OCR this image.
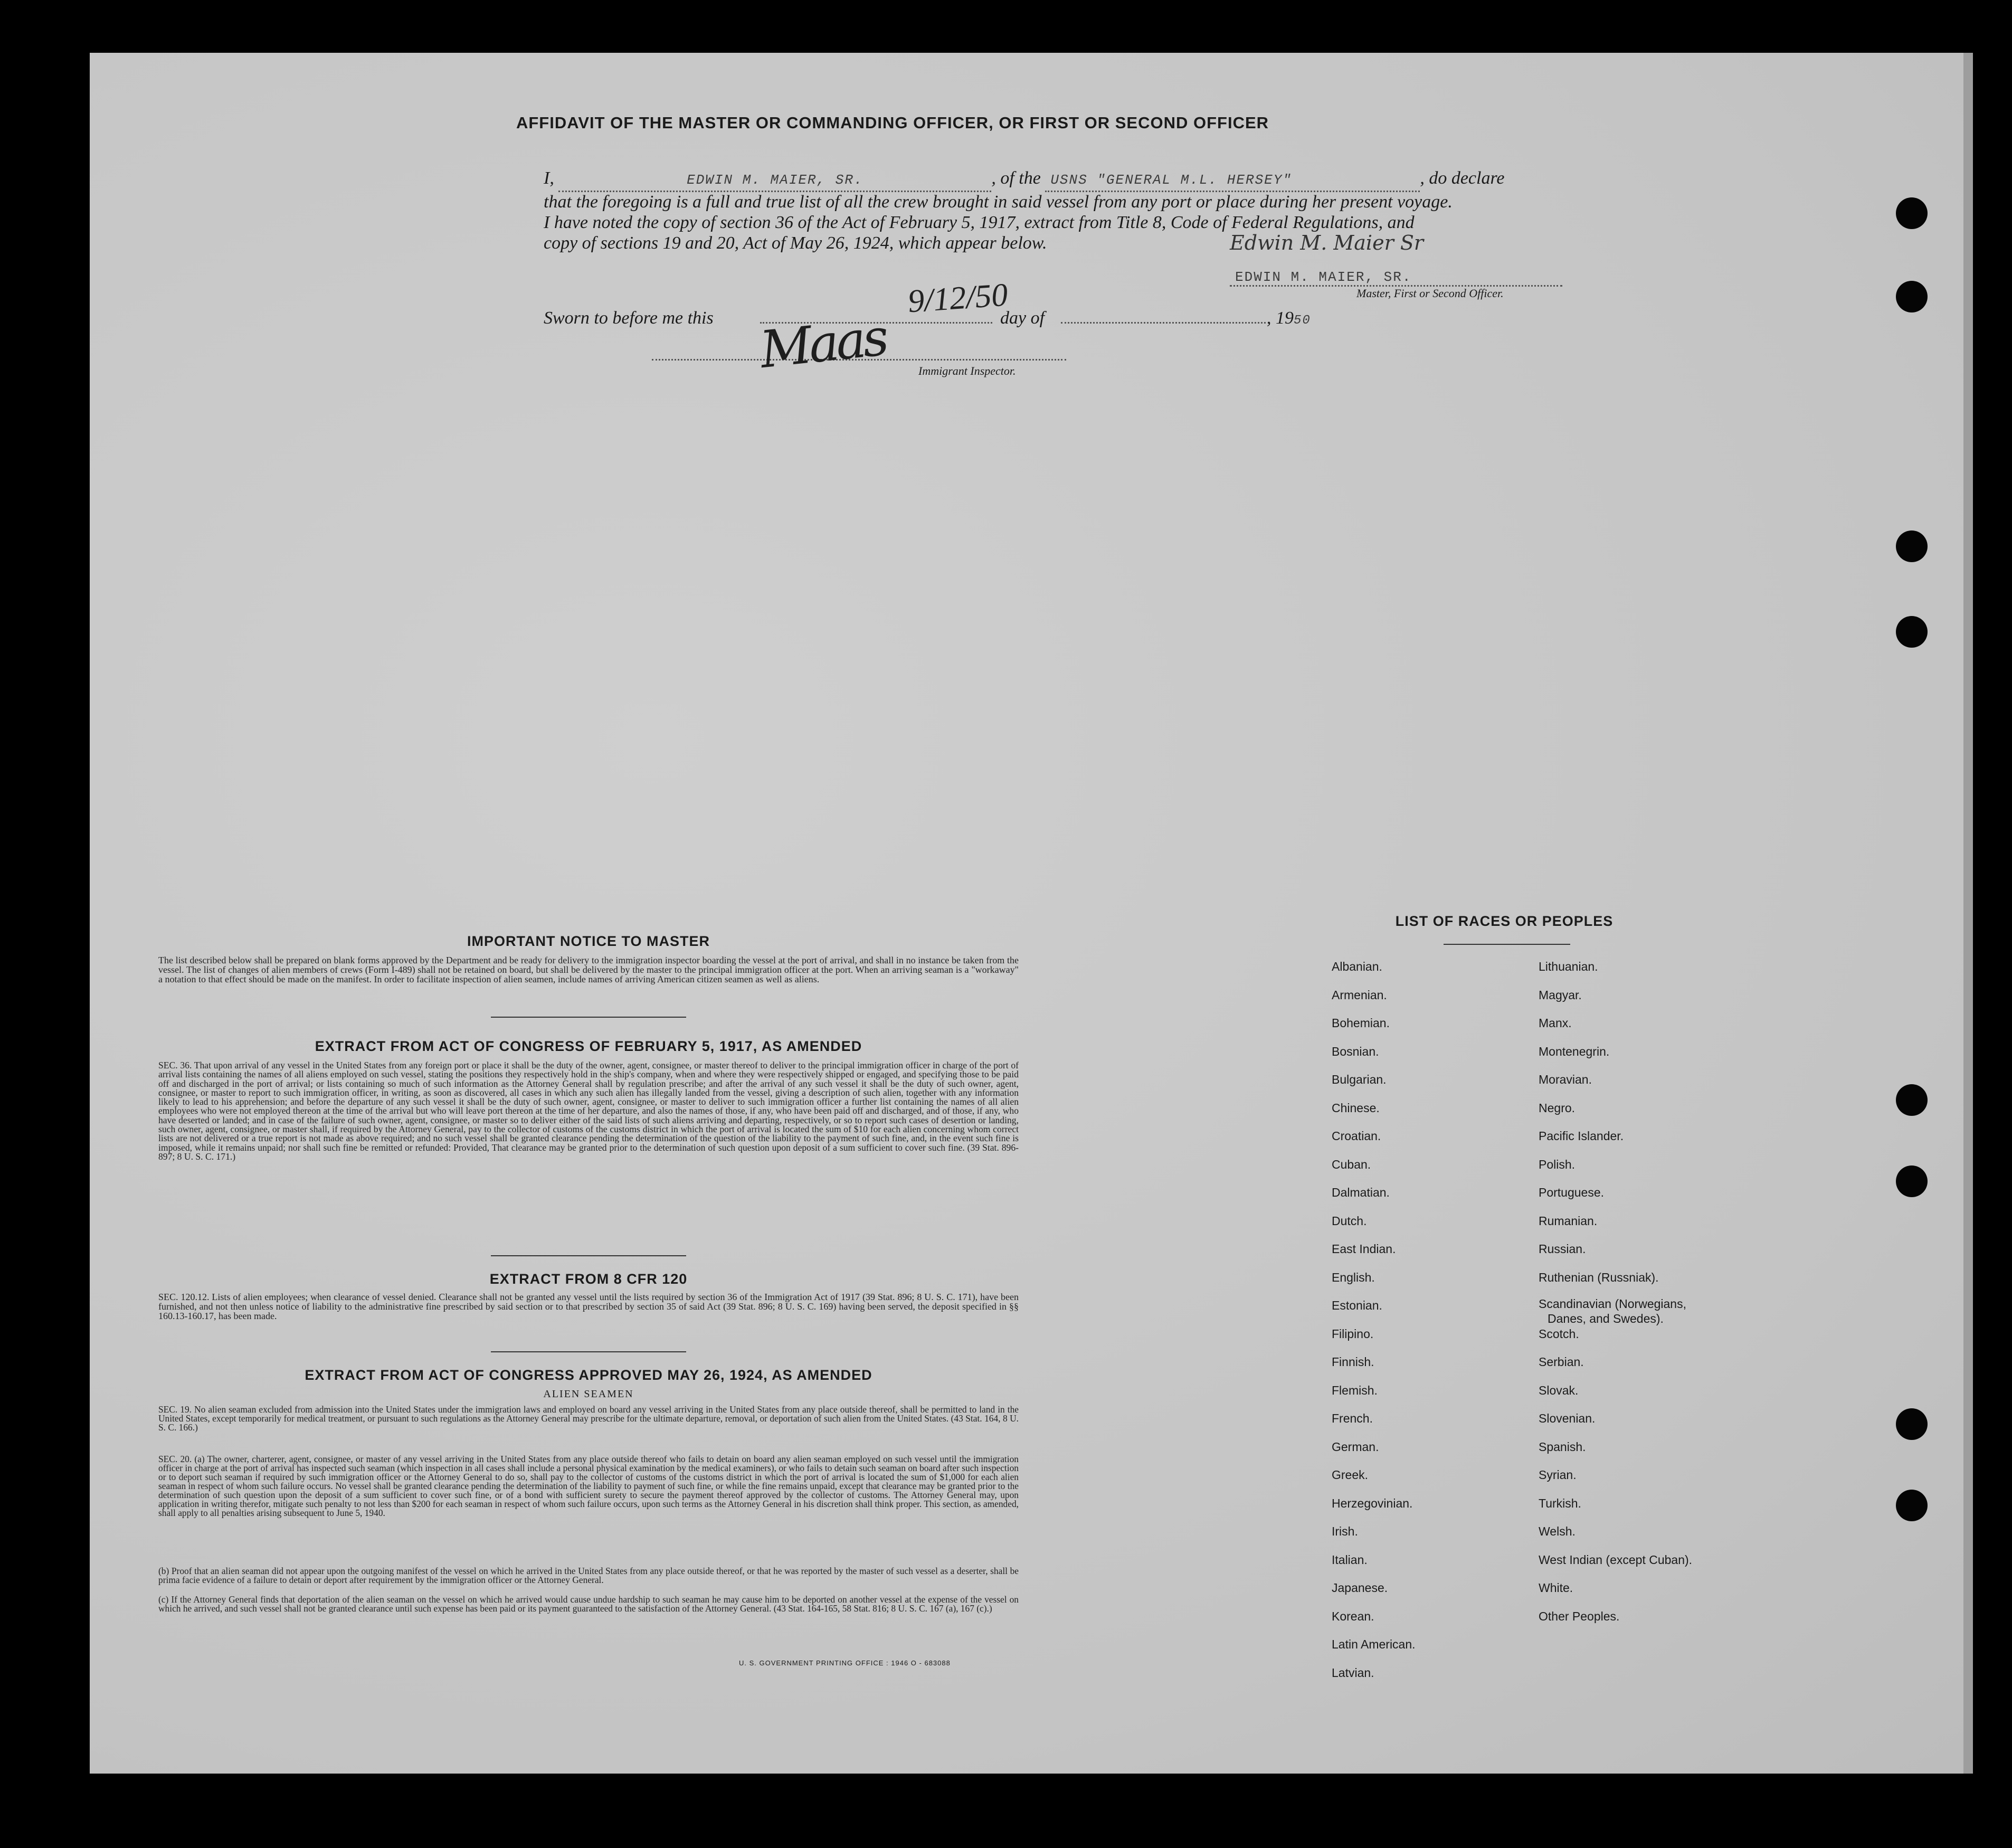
AFFIDAVIT OF THE MASTER OR COMMANDING OFFICER, OR FIRST OR SECOND OFFICER
I,	EDWIN M. MAIER, SR.	, of the USNS "GENERAL M.L. HERSEY"	, do declare
that the foregoing is a full and true list of all the crew brought in said vessel from any port or place during her present voyage.
I have noted the copy of section 36 of the Act of February 5, 1917, extract from Title 8, Code of Federal Regulations, and
copy of sections 19 and 20, Act of May 26, 1924, which appear below.	Edwin M. Maier Sr
EDWIN M. MAIER, SR.
Master, First or Second Officer.
Sworn to before me this	9/12/50
day of	, 1950
Maas	Immigrant Inspector.
IMPORTANT NOTICE TO MASTER
The list described below shall be prepared on blank forms approved by the Department and be ready for delivery to the immigration inspector boarding the vessel at the port of arrival, and shall in no instance be taken from the vessel. The list of changes of alien members of crews (Form I-489) shall not be retained on board, but shall be delivered by the master to the principal immigration officer at the port. When an arriving seaman is a "workaway" a notation to that effect should be made on the manifest. In order to facilitate inspection of alien seamen, include names of arriving American citizen seamen as well as aliens.
EXTRACT FROM ACT OF CONGRESS OF FEBRUARY 5, 1917, AS AMENDED
SEC. 36. That upon arrival of any vessel in the United States from any foreign port or place it shall be the duty of the owner, agent, consignee, or master thereof to deliver to the principal immigration officer in charge of the port of arrival lists containing the names of all aliens employed on such vessel, stating the positions they respectively hold in the ship's company, when and where they were respectively shipped or engaged, and specifying those to be paid off and discharged in the port of arrival; or lists containing so much of such information as the Attorney General shall by regulation prescribe; and after the arrival of any such vessel it shall be the duty of such owner, agent, consignee, or master to report to such immigration officer, in writing, as soon as discovered, all cases in which any such alien has illegally landed from the vessel, giving a description of such alien, together with any information likely to lead to his apprehension; and before the departure of any such vessel it shall be the duty of such owner, agent, consignee, or master to deliver to such immigration officer a further list containing the names of all alien employees who were not employed thereon at the time of the arrival but who will leave port thereon at the time of her departure, and also the names of those, if any, who have been paid off and discharged, and of those, if any, who have deserted or landed; and in case of the failure of such owner, agent, consignee, or master so to deliver either of the said lists of such aliens arriving and departing, respectively, or so to report such cases of desertion or landing, such owner, agent, consignee, or master shall, if required by the Attorney General, pay to the collector of customs of the customs district in which the port of arrival is located the sum of $10 for each alien concerning whom correct lists are not delivered or a true report is not made as above required; and no such vessel shall be granted clearance pending the determination of the question of the liability to the payment of such fine, and, in the event such fine is imposed, while it remains unpaid; nor shall such fine be remitted or refunded: Provided, That clearance may be granted prior to the determination of such question upon deposit of a sum sufficient to cover such fine. (39 Stat. 896-897; 8 U. S. C. 171.)
EXTRACT FROM 8 CFR 120
SEC. 120.12. Lists of alien employees; when clearance of vessel denied. Clearance shall not be granted any vessel until the lists required by section 36 of the Immigration Act of 1917 (39 Stat. 896; 8 U. S. C. 171), have been furnished, and not then unless notice of liability to the administrative fine prescribed by said section or to that prescribed by section 35 of said Act (39 Stat. 896; 8 U. S. C. 169) having been served, the deposit specified in §§ 160.13-160.17, has been made.
EXTRACT FROM ACT OF CONGRESS APPROVED MAY 26, 1924, AS AMENDED
ALIEN SEAMEN
SEC. 19. No alien seaman excluded from admission into the United States under the immigration laws and employed on board any vessel arriving in the United States from any place outside thereof, shall be permitted to land in the United States, except temporarily for medical treatment, or pursuant to such regulations as the Attorney General may prescribe for the ultimate departure, removal, or deportation of such alien from the United States. (43 Stat. 164, 8 U. S. C. 166.)
SEC. 20. (a) The owner, charterer, agent, consignee, or master of any vessel arriving in the United States from any place outside thereof who fails to detain on board any alien seaman employed on such vessel until the immigration officer in charge at the port of arrival has inspected such seaman (which inspection in all cases shall include a personal physical examination by the medical examiners), or who fails to detain such seaman on board after such inspection or to deport such seaman if required by such immigration officer or the Attorney General to do so, shall pay to the collector of customs of the customs district in which the port of arrival is located the sum of $1,000 for each alien seaman in respect of whom such failure occurs. No vessel shall be granted clearance pending the determination of the liability to payment of such fine, or while the fine remains unpaid, except that clearance may be granted prior to the determination of such question upon the deposit of a sum sufficient to cover such fine, or of a bond with sufficient surety to secure the payment thereof approved by the collector of customs. The Attorney General may, upon application in writing therefor, mitigate such penalty to not less than $200 for each seaman in respect of whom such failure occurs, upon such terms as the Attorney General in his discretion shall think proper. This section, as amended, shall apply to all penalties arising subsequent to June 5, 1940.
(b) Proof that an alien seaman did not appear upon the outgoing manifest of the vessel on which he arrived in the United States from any place outside thereof, or that he was reported by the master of such vessel as a deserter, shall be prima facie evidence of a failure to detain or deport after requirement by the immigration officer or the Attorney General.
(c) If the Attorney General finds that deportation of the alien seaman on the vessel on which he arrived would cause undue hardship to such seaman he may cause him to be deported on another vessel at the expense of the vessel on which he arrived, and such vessel shall not be granted clearance until such expense has been paid or its payment guaranteed to the satisfaction of the Attorney General. (43 Stat. 164-165, 58 Stat. 816; 8 U. S. C. 167 (a), 167 (c).)
U. S. GOVERNMENT PRINTING OFFICE : 1946 O - 683088
LIST OF RACES OR PEOPLES
Albanian.
Armenian.
Bohemian.
Bosnian.
Bulgarian.
Chinese.
Croatian.
Cuban.
Dalmatian.
Dutch.
East Indian.
English.
Estonian.
Filipino.
Finnish.
Flemish.
French.
German.
Greek.
Herzegovinian.
Irish.
Italian.
Japanese.
Korean.
Latin American.
Latvian.
Lithuanian.
Magyar.
Manx.
Montenegrin.
Moravian.
Negro.
Pacific Islander.
Polish.
Portuguese.
Rumanian.
Russian.
Ruthenian (Russniak).
Scandinavian (Norwegians,
Danes, and Swedes).
Scotch.
Serbian.
Slovak.
Slovenian.
Spanish.
Syrian.
Turkish.
Welsh.
West Indian (except Cuban).
White.
Other Peoples.
